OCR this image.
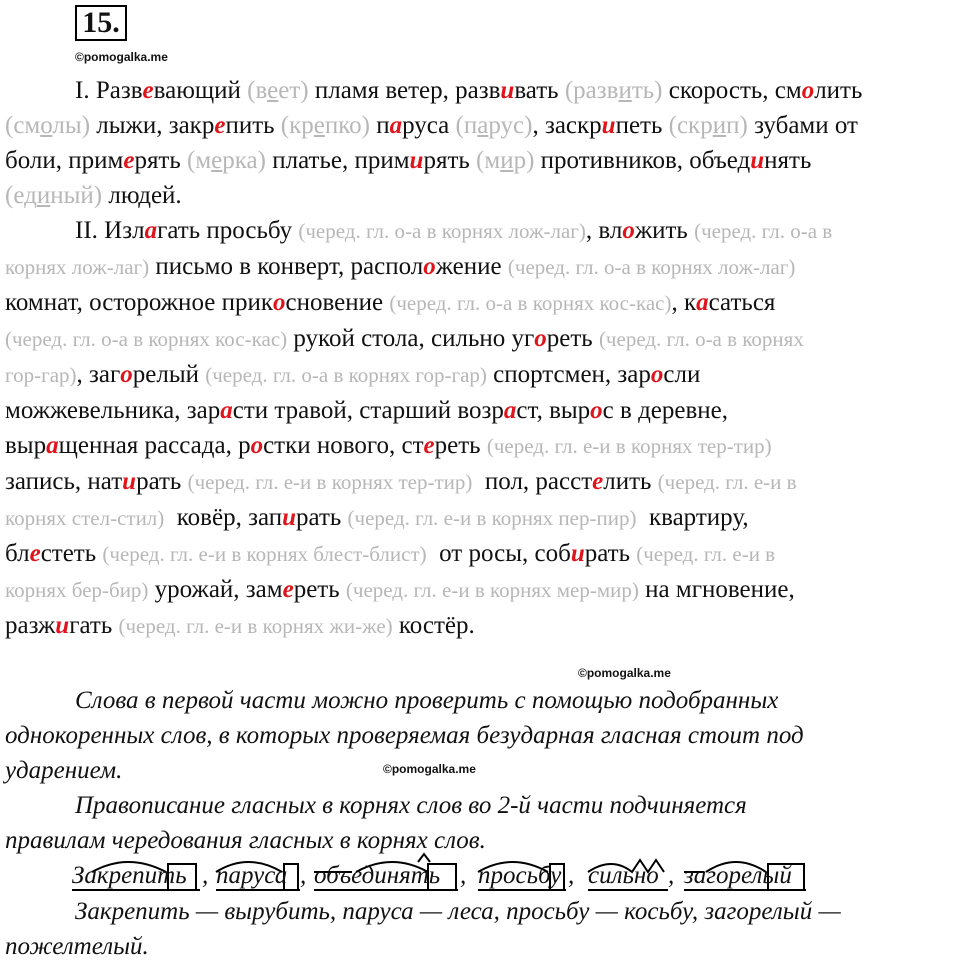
15.
©pomogalka.me
I. Развевающий (веет) пламя ветер, развивать (развить) скорость, смолить
(смолы) лыжи, закрепить (крепко) паруса (парус), заскрипеть (скрип) зубами от
боли, примерять (мерка) платье, примирять (мир) противников, объединять
(единый) людей.
II. Излагать просьбу (черед. гл. о-а в корнях лож-лаг), вложить (черед. гл. о-а в
корнях лож-лаг) письмо в конверт, расположение (черед. гл. о-а в корнях лож-лаг)
комнат, осторожное прикосновение (черед. гл. о-а в корнях кос-кас), касаться
(черед. гл. о-а в корнях кос-кас) рукой стола, сильно угореть (черед. гл. о-а в корнях
гор-гар), загорелый (черед. гл. о-а в корнях гор-гар) спортсмен, заросли
можжевельника, зарасти травой, старший возраст, вырос в деревне,
выращенная рассада, ростки нового, стереть (черед. гл. е-и в корнях тер-тир)
запись, натирать (черед. гл. е-и в корнях тер-тир)  пол, расстелить (черед. гл. е-и в
корнях стел-стил)  ковёр, запирать (черед. гл. е-и в корнях пер-пир)  квартиру,
блестеть (черед. гл. е-и в корнях блест-блист)  от росы, собирать (черед. гл. е-и в
корнях бер-бир) урожай, замереть (черед. гл. е-и в корнях мер-мир) на мгновение,
разжигать (черед. гл. е-и в корнях жи-же) костёр.
©pomogalka.me
Слова в первой части можно проверить с помощью подобранных
однокоренных слов, в которых проверяемая безударная гласная стоит под
ударением.
Правописание гласных в корнях слов во 2-й части подчиняется
правилам чередования гласных в корнях слов.
©pomogalka.me
Закрепить , паруса , объединять , просьбу , сильно , загорелый
Закрепить — вырубить, паруса — леса, просьбу — косьбу, загорелый —
пожелтелый.
